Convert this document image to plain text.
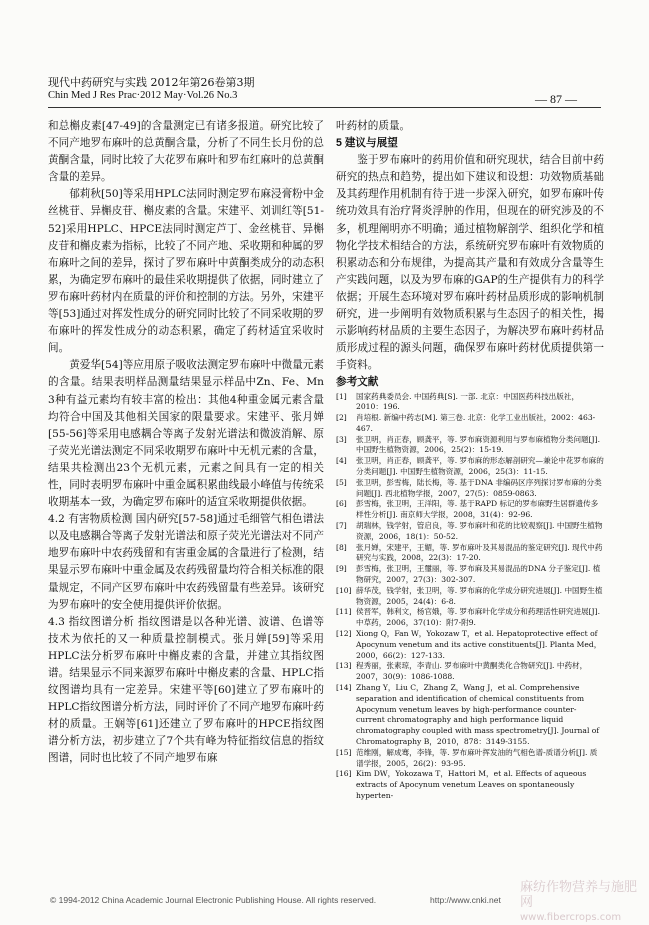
现代中药研究与实践 2012年第26卷第3期
Chin Med J Res Prac·2012 May·Vol.26 No.3	— 87 —

和总槲皮素[47-49]的含量测定已有诸多报道。研究比较了不同产地罗布麻叶的总黄酮含量，分析了不同生长月份的总黄酮含量，同时比较了大花罗布麻叶和罗布红麻叶的总黄酮含量的差异。

郁莉秋[50]等采用HPLC法同时测定罗布麻浸膏粉中金丝桃苷、异槲皮苷、槲皮素的含量。宋建平、刘训红等[51-52]采用HPLC、HPCE法同时测定芦丁、金丝桃苷、异槲皮苷和槲皮素为指标，比较了不同产地、采收期和种属的罗布麻叶之间的差异，探讨了罗布麻叶中黄酮类成分的动态积累，为确定罗布麻叶的最佳采收期提供了依据，同时建立了罗布麻叶药材内在质量的评价和控制的方法。另外，宋建平等[53]通过对挥发性成分的研究同时比较了不同采收期的罗布麻叶的挥发性成分的动态积累，确定了药材适宜采收时间。

黄爱华[54]等应用原子吸收法测定罗布麻叶中微量元素的含量。结果表明样品测量结果显示样品中Zn、Fe、Mn 3种有益元素均有较丰富的检出：其他4种重金属元素含量均符合中国及其他相关国家的限量要求。宋建平、张月婵[55-56]等采用电感耦合等离子发射光谱法和微波消解、原子荧光光谱法测定不同采收期罗布麻叶中无机元素的含量，结果共检测出23个无机元素，元素之间具有一定的相关性，同时表明罗布麻叶中重金属积累曲线最小峰值与传统采收期基本一致，为确定罗布麻叶的适宜采收期提供依据。

4.2 有害物质检测 国内研究[57-58]通过毛细管气相色谱法以及电感耦合等离子发射光谱法和原子荧光光谱法对不同产地罗布麻叶中农药残留和有害重金属的含量进行了检测，结果显示罗布麻叶中重金属及农药残留量均符合相关标准的限量规定，不同产区罗布麻叶中农药残留量有些差异。该研究为罗布麻叶的安全使用提供评价依据。

4.3 指纹图谱分析 指纹图谱是以各种光谱、波谱、色谱等技术为依托的又一种质量控制模式。张月婵[59]等采用HPLC法分析罗布麻叶中槲皮素的含量，并建立其指纹图谱。结果显示不同来源罗布麻叶中槲皮素的含量、HPLC指纹图谱均具有一定差异。宋建平等[60]建立了罗布麻叶的HPLC指纹图谱分析方法，同时评价了不同产地罗布麻叶药材的质量。王娴等[61]还建立了罗布麻叶的HPCE指纹图谱分析方法，初步建立了7个共有峰为特征指纹信息的指纹图谱，同时也比较了不同产地罗布麻

叶药材的质量。

5 建议与展望

鉴于罗布麻叶的药用价值和研究现状，结合目前中药研究的热点和趋势，提出如下建议和设想：功效物质基础及其药理作用机制有待于进一步深入研究，如罗布麻叶传统功效具有治疗肾炎浮肿的作用，但现在的研究涉及的不多，机理阐明亦不明确；通过植物解剖学、组织化学和植物化学技术相结合的方法，系统研究罗布麻叶有效物质的积累动态和分布规律，为提高其产量和有效成分含量等生产实践问题，以及为罗布麻的GAP的生产提供有力的科学依据；开展生态环境对罗布麻叶药材品质形成的影响机制研究，进一步阐明有效物质积累与生态因子的相关性，揭示影响药材品质的主要生态因子，为解决罗布麻叶药材品质形成过程的源头问题，确保罗布麻叶药材优质提供第一手资料。

参考文献

[1]	国家药典委员会. 中国药典[S]. 一部. 北京：中国医药科技出版社，2010：196.
[2]	肖培根. 新编中药志[M]. 第三卷. 北京：化学工业出版社，2002：463-467.
[3]	张卫明，肖正春，顾龚平，等. 罗布麻资源利用与罗布麻植物分类问题[J]. 中国野生植物资源，2006，25(2)：15-19.
[4]	张卫明，肖正春，顾龚平，等. 罗布麻的形态解剖研究—兼论中花罗布麻的分类问题[J]. 中国野生植物资源，2006，25(3)：11-15.
[5]	张卫明，彭雪梅，陆长梅，等. 基于DNA 非编码区序列探讨罗布麻的分类问题[J]. 西北植物学报，2007，27(5)：0859-0863.
[6]	彭雪梅，张卫明，王洋阳，等. 基于RAPD 标记的罗布麻野生居群遗传多样性分析[J]. 南京师大学报，2008，31(4)：92-96.
[7]	胡瑞林，钱学射，管启良，等. 罗布麻叶和花的比较观察[J]. 中国野生植物资源，2006，18(1)：50-52.
[8]	张月婵，宋建平，王媚，等. 罗布麻叶及其易混品的鉴定研究[J]. 现代中药研究与实践，2008，22(3)：17-20.
[9]	彭雪梅，张卫明，王璽丽，等. 罗布麻及其易混品的DNA 分子鉴定[J]. 植物研究，2007，27(3)：302-307.
[10] 薛华茂，钱学射，张卫明，等. 罗布麻的化学成分研究进展[J]. 中国野生植物资源，2005，24(4)：6-8.
[11] 侯晋军，韩利文，杨官娥，等. 罗布麻叶化学成分和药理活性研究进展[J]. 中草药，2006，37(10)：附7-附9.
[12] Xiong Q，Fan W，Yokozaw T，et al. Hepatoprotective effect of Apocynum venetum and its active constituents[J]. Planta Med，2000，66(2)：127-133.
[13] 程秀丽，张素琼，李青山. 罗布麻叶中黄酮类化合物研究[J]. 中药材，2007，30(9)：1086-1088.
[14] Zhang Y，Liu C，Zhang Z，Wang J，et al. Comprehensive separation and identification of chemical constituents from Apocynum venetum leaves by high-performance counter-current chromatography and high performance liquid chromatography coupled with mass spectrometry[J]. Journal of Chromatography B，2010，878：3149-3155.
[15] 范维刚，解成骞，李锋，等. 罗布麻叶挥发油的气相色谱-质谱分析[J]. 质谱学报，2005，26(2)：93-95.
[16] Kim DW，Yokozawa T，Hattori M，et al. Effects of aqueous extracts of Apocynum venetum Leaves on spontaneously hyperten-
© 1994-2012 China Academic Journal Electronic Publishing House. All rights reserved.	http://www.cnki.net
麻纺作物营养与施肥网
www.fibercrops.com
